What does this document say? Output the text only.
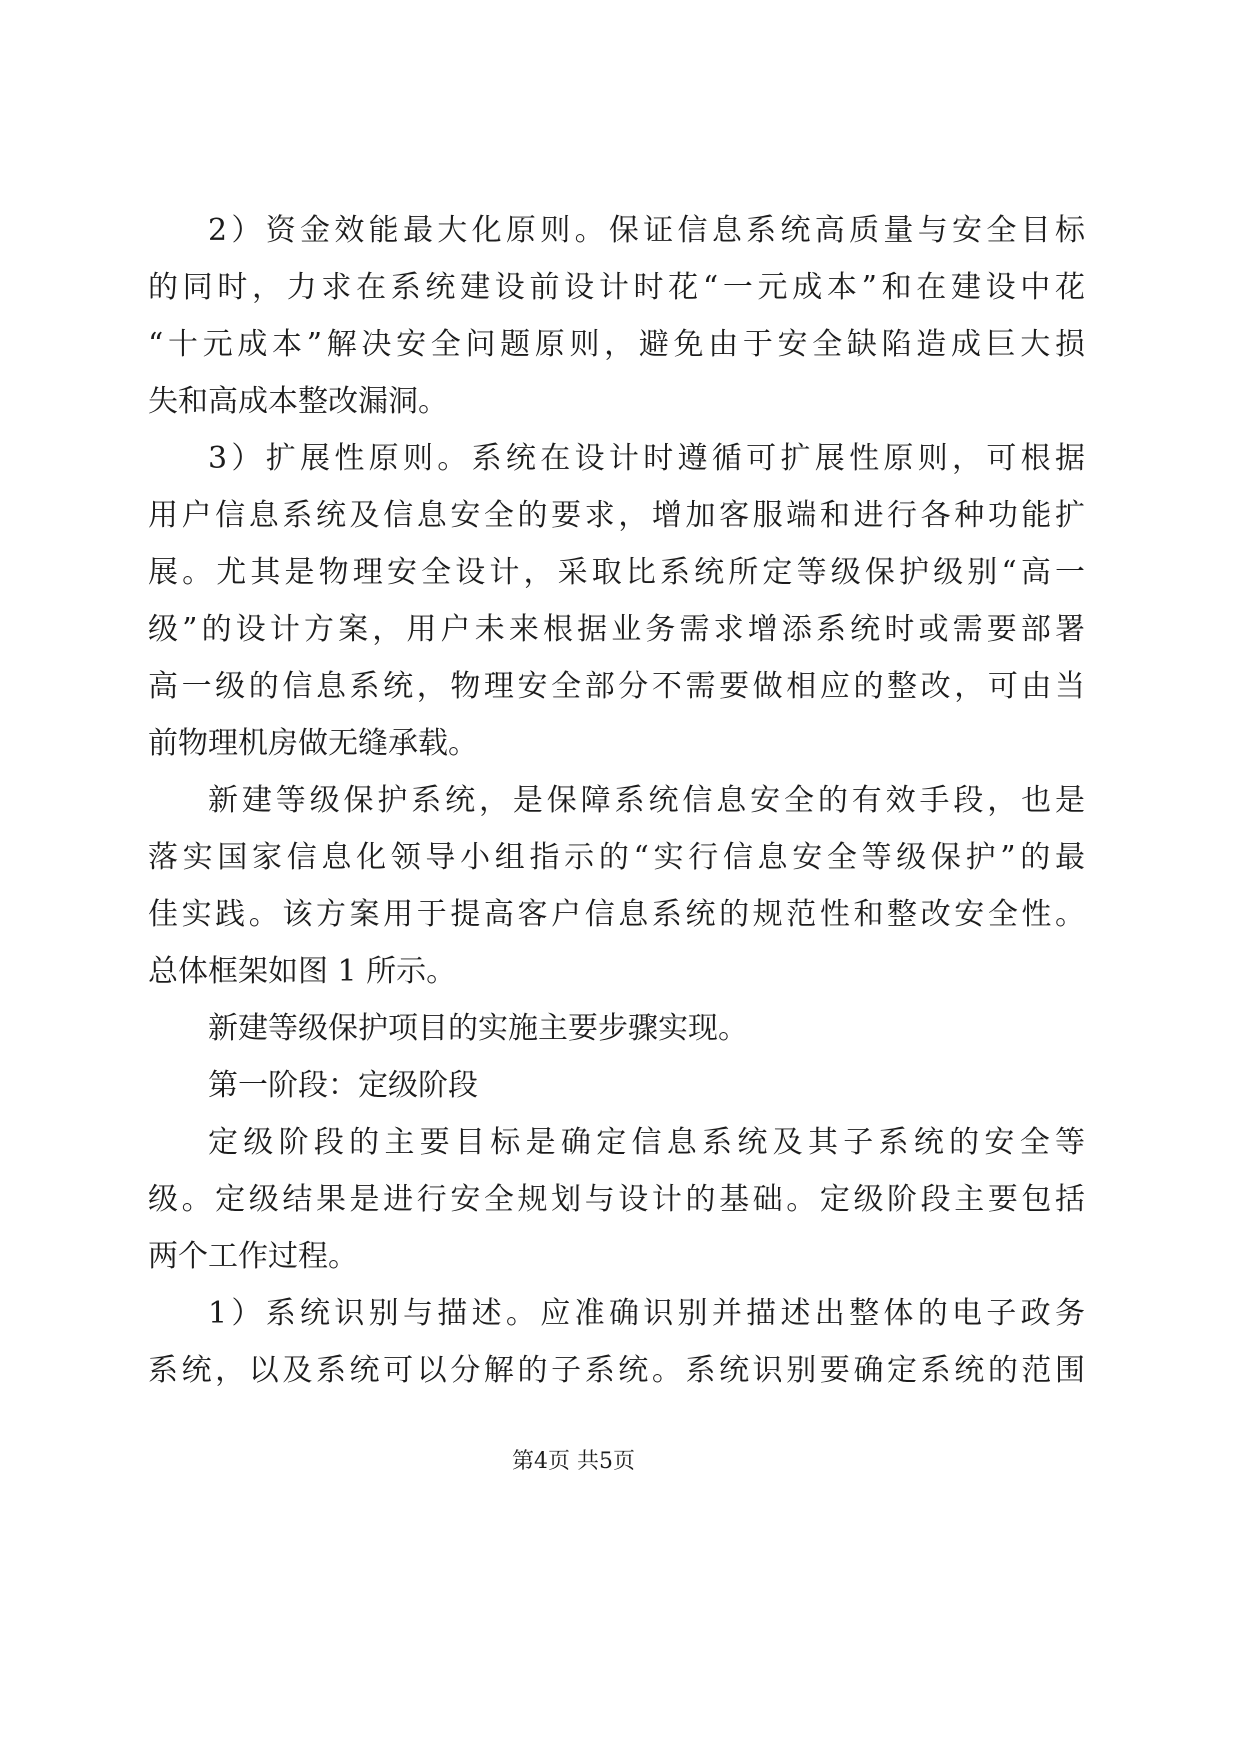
2）资金效能最大化原则。保证信息系统高质量与安全目标
的同时，力求在系统建设前设计时花“一元成本”和在建设中花
“十元成本”解决安全问题原则，避免由于安全缺陷造成巨大损
失和高成本整改漏洞。
3）扩展性原则。系统在设计时遵循可扩展性原则，可根据
用户信息系统及信息安全的要求，增加客服端和进行各种功能扩
展。尤其是物理安全设计，采取比系统所定等级保护级别“高一
级”的设计方案，用户未来根据业务需求增添系统时或需要部署
高一级的信息系统，物理安全部分不需要做相应的整改，可由当
前物理机房做无缝承载。
新建等级保护系统，是保障系统信息安全的有效手段，也是
落实国家信息化领导小组指示的“实行信息安全等级保护”的最
佳实践。该方案用于提高客户信息系统的规范性和整改安全性。
总体框架如图 1 所示。
新建等级保护项目的实施主要步骤实现。
第一阶段：定级阶段
定级阶段的主要目标是确定信息系统及其子系统的安全等
级。定级结果是进行安全规划与设计的基础。定级阶段主要包括
两个工作过程。
1）系统识别与描述。应准确识别并描述出整体的电子政务
系统，以及系统可以分解的子系统。系统识别要确定系统的范围
第4页 共5页
